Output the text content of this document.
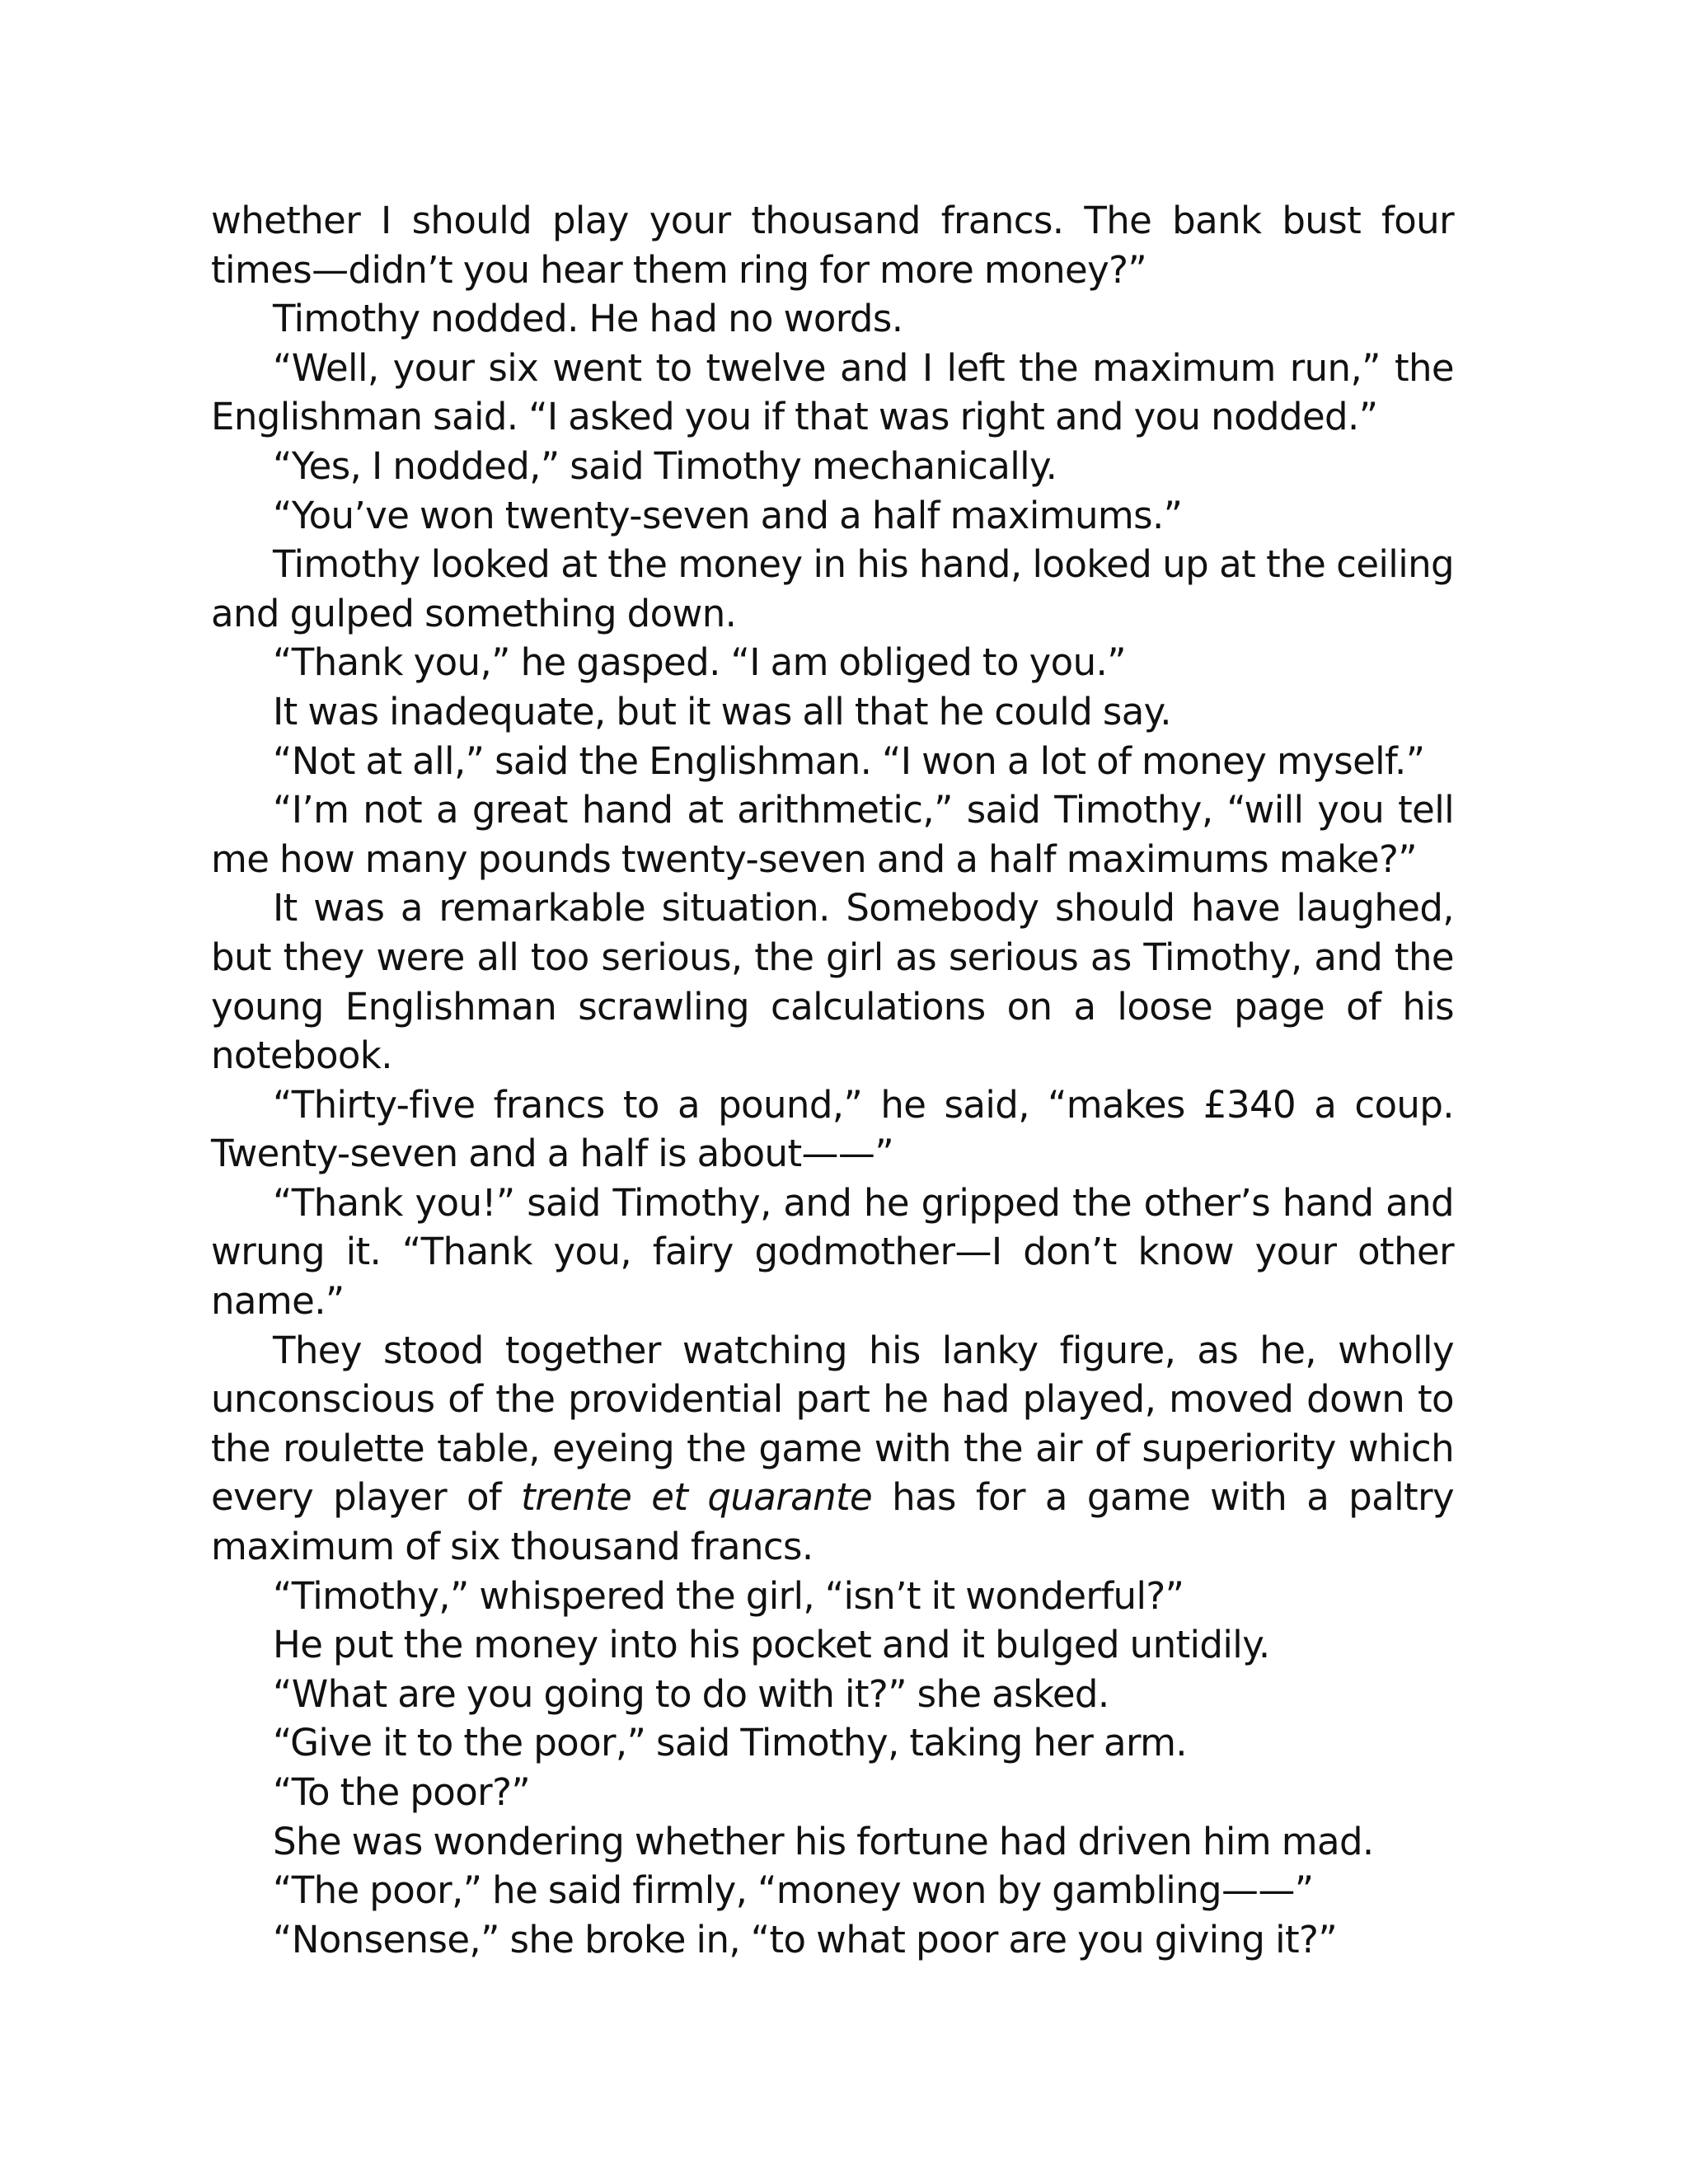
whether I should play your thousand francs. The bank bust four times—didn’t you hear them ring for more money?”

Timothy nodded. He had no words.

“Well, your six went to twelve and I left the maximum run,” the Englishman said. “I asked you if that was right and you nodded.”

“Yes, I nodded,” said Timothy mechanically.

“You’ve won twenty-seven and a half maximums.”

Timothy looked at the money in his hand, looked up at the ceiling and gulped something down.

“Thank you,” he gasped. “I am obliged to you.”

It was inadequate, but it was all that he could say.

“Not at all,” said the Englishman. “I won a lot of money myself.”

“I’m not a great hand at arithmetic,” said Timothy, “will you tell me how many pounds twenty-seven and a half maximums make?”

It was a remarkable situation. Somebody should have laughed, but they were all too serious, the girl as serious as Timothy, and the young Englishman scrawling calculations on a loose page of his notebook.

“Thirty-five francs to a pound,” he said, “makes £340 a coup. Twenty-seven and a half is about——”

“Thank you!” said Timothy, and he gripped the other’s hand and wrung it. “Thank you, fairy godmother—I don’t know your other name.”

They stood together watching his lanky figure, as he, wholly unconscious of the providential part he had played, moved down to the roulette table, eyeing the game with the air of superiority which every player of trente et quarante has for a game with a paltry maximum of six thousand francs.

“Timothy,” whispered the girl, “isn’t it wonderful?”

He put the money into his pocket and it bulged untidily.

“What are you going to do with it?” she asked.

“Give it to the poor,” said Timothy, taking her arm.

“To the poor?”

She was wondering whether his fortune had driven him mad.

“The poor,” he said firmly, “money won by gambling——”

“Nonsense,” she broke in, “to what poor are you giving it?”
